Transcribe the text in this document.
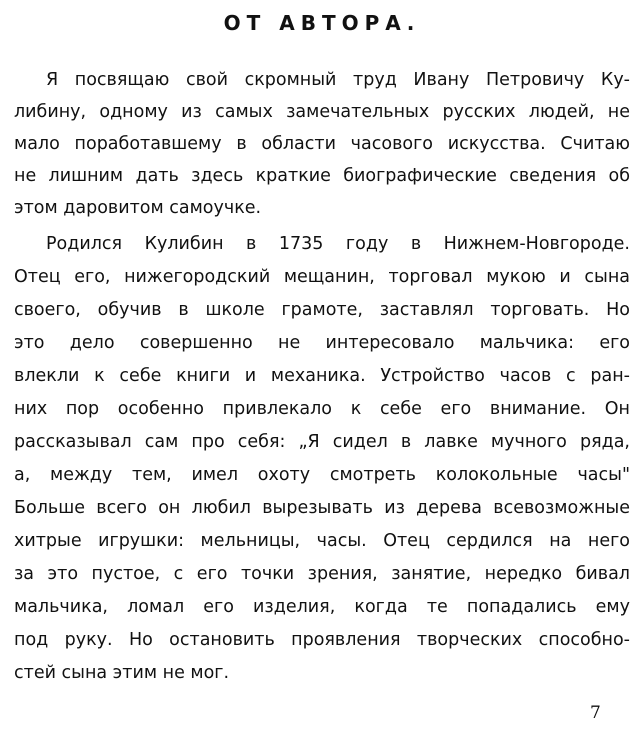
ОТ АВТОРА.
Я посвящаю свой скромный труд Ивану Петровичу Ку-
либину, одному из самых замечательных русских людей, не
мало поработавшему в области часового искусства. Считаю
не лишним дать здесь краткие биографические сведения об
этом даровитом самоучке.
Родился Кулибин в 1735 году в Нижнем-Новгороде.
Отец его, нижегородский мещанин, торговал мукою и сына
своего, обучив в школе грамоте, заставлял торговать. Но
это дело совершенно не интересовало мальчика: его
влекли к себе книги и механика. Устройство часов с ран-
них пор особенно привлекало к себе его внимание. Он
рассказывал сам про себя: „Я сидел в лавке мучного ряда,
а, между тем, имел охоту смотреть колокольные часы"
Больше всего он любил вырезывать из дерева всевозможные
хитрые игрушки: мельницы, часы. Отец сердился на него
за это пустое, с его точки зрения, занятие, нередко бивал
мальчика, ломал его изделия, когда те попадались ему
под руку. Но остановить проявления творческих способно-
стей сына этим не мог.
7
